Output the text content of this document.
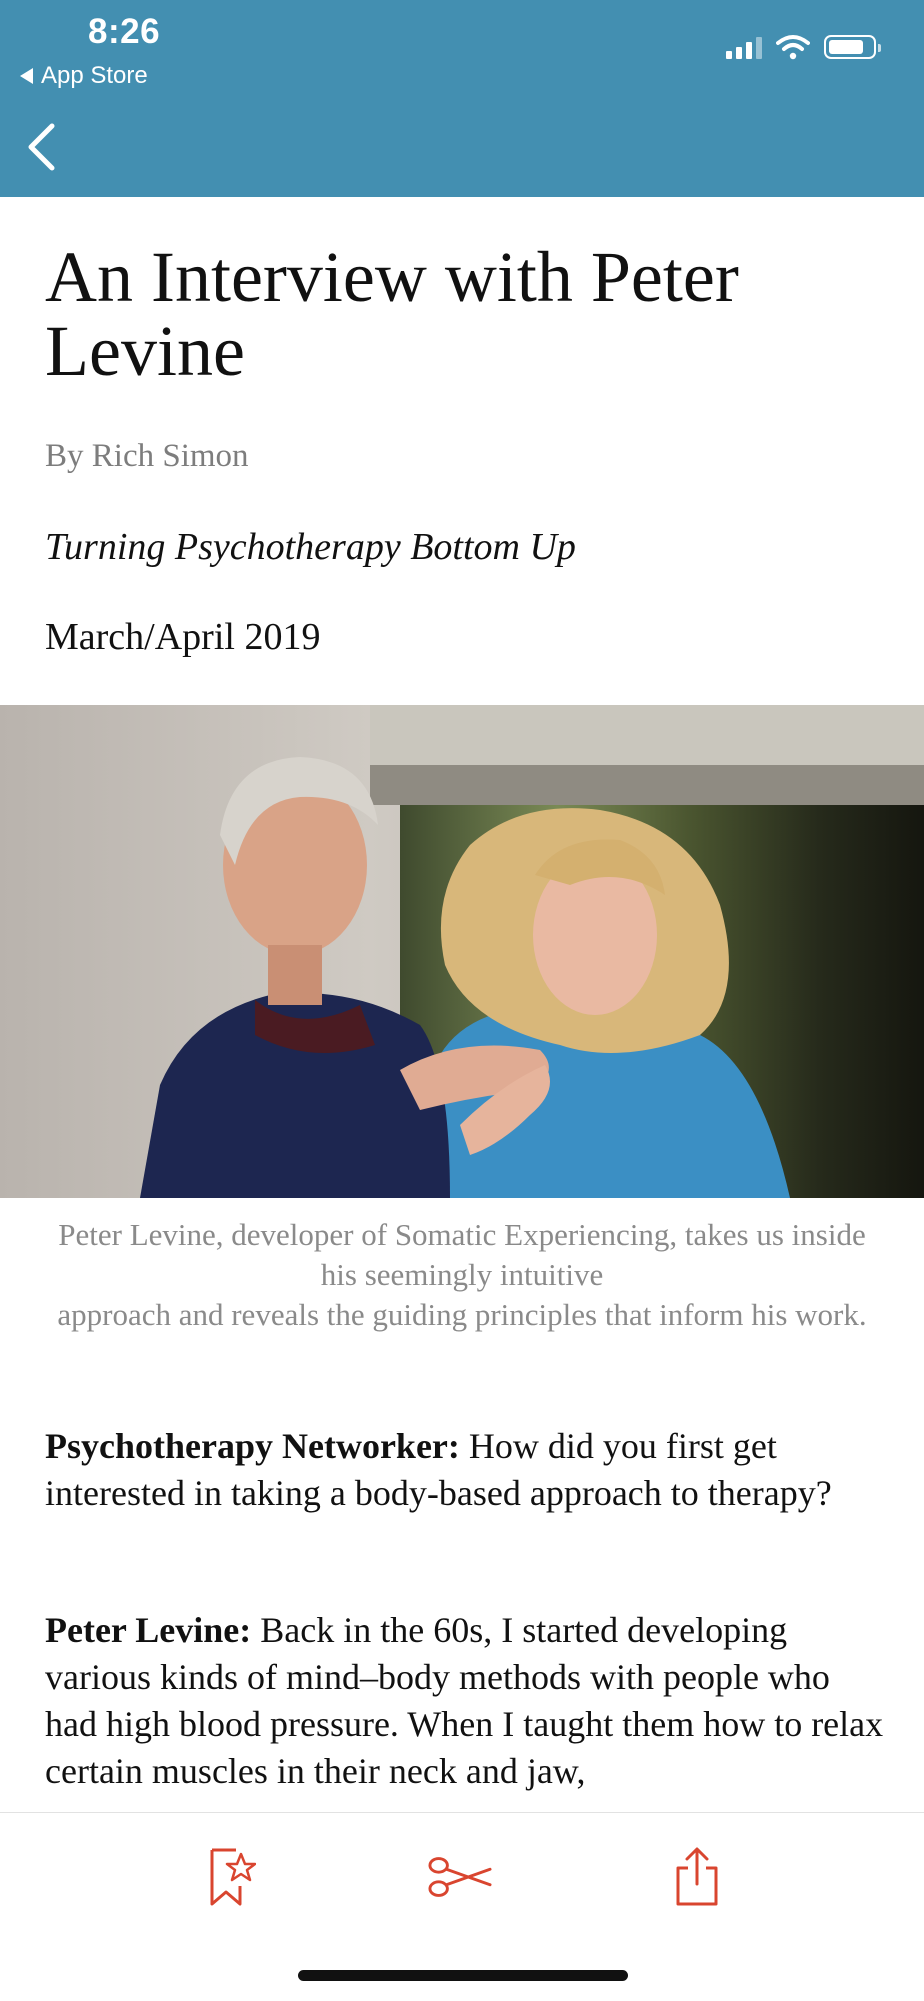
8:26
App Store
An Interview with Peter Levine
By Rich Simon
Turning Psychotherapy Bottom Up
March/April 2019
Peter Levine, developer of Somatic Experiencing, takes us inside his seemingly intuitive
approach and reveals the guiding principles that inform his work.

Psychotherapy Networker: How did you first get interested in taking a body-based approach to therapy?

Peter Levine: Back in the 60s, I started developing various kinds of mind–body methods with people who had high blood pressure. When I taught them how to relax certain muscles in their neck and jaw,
